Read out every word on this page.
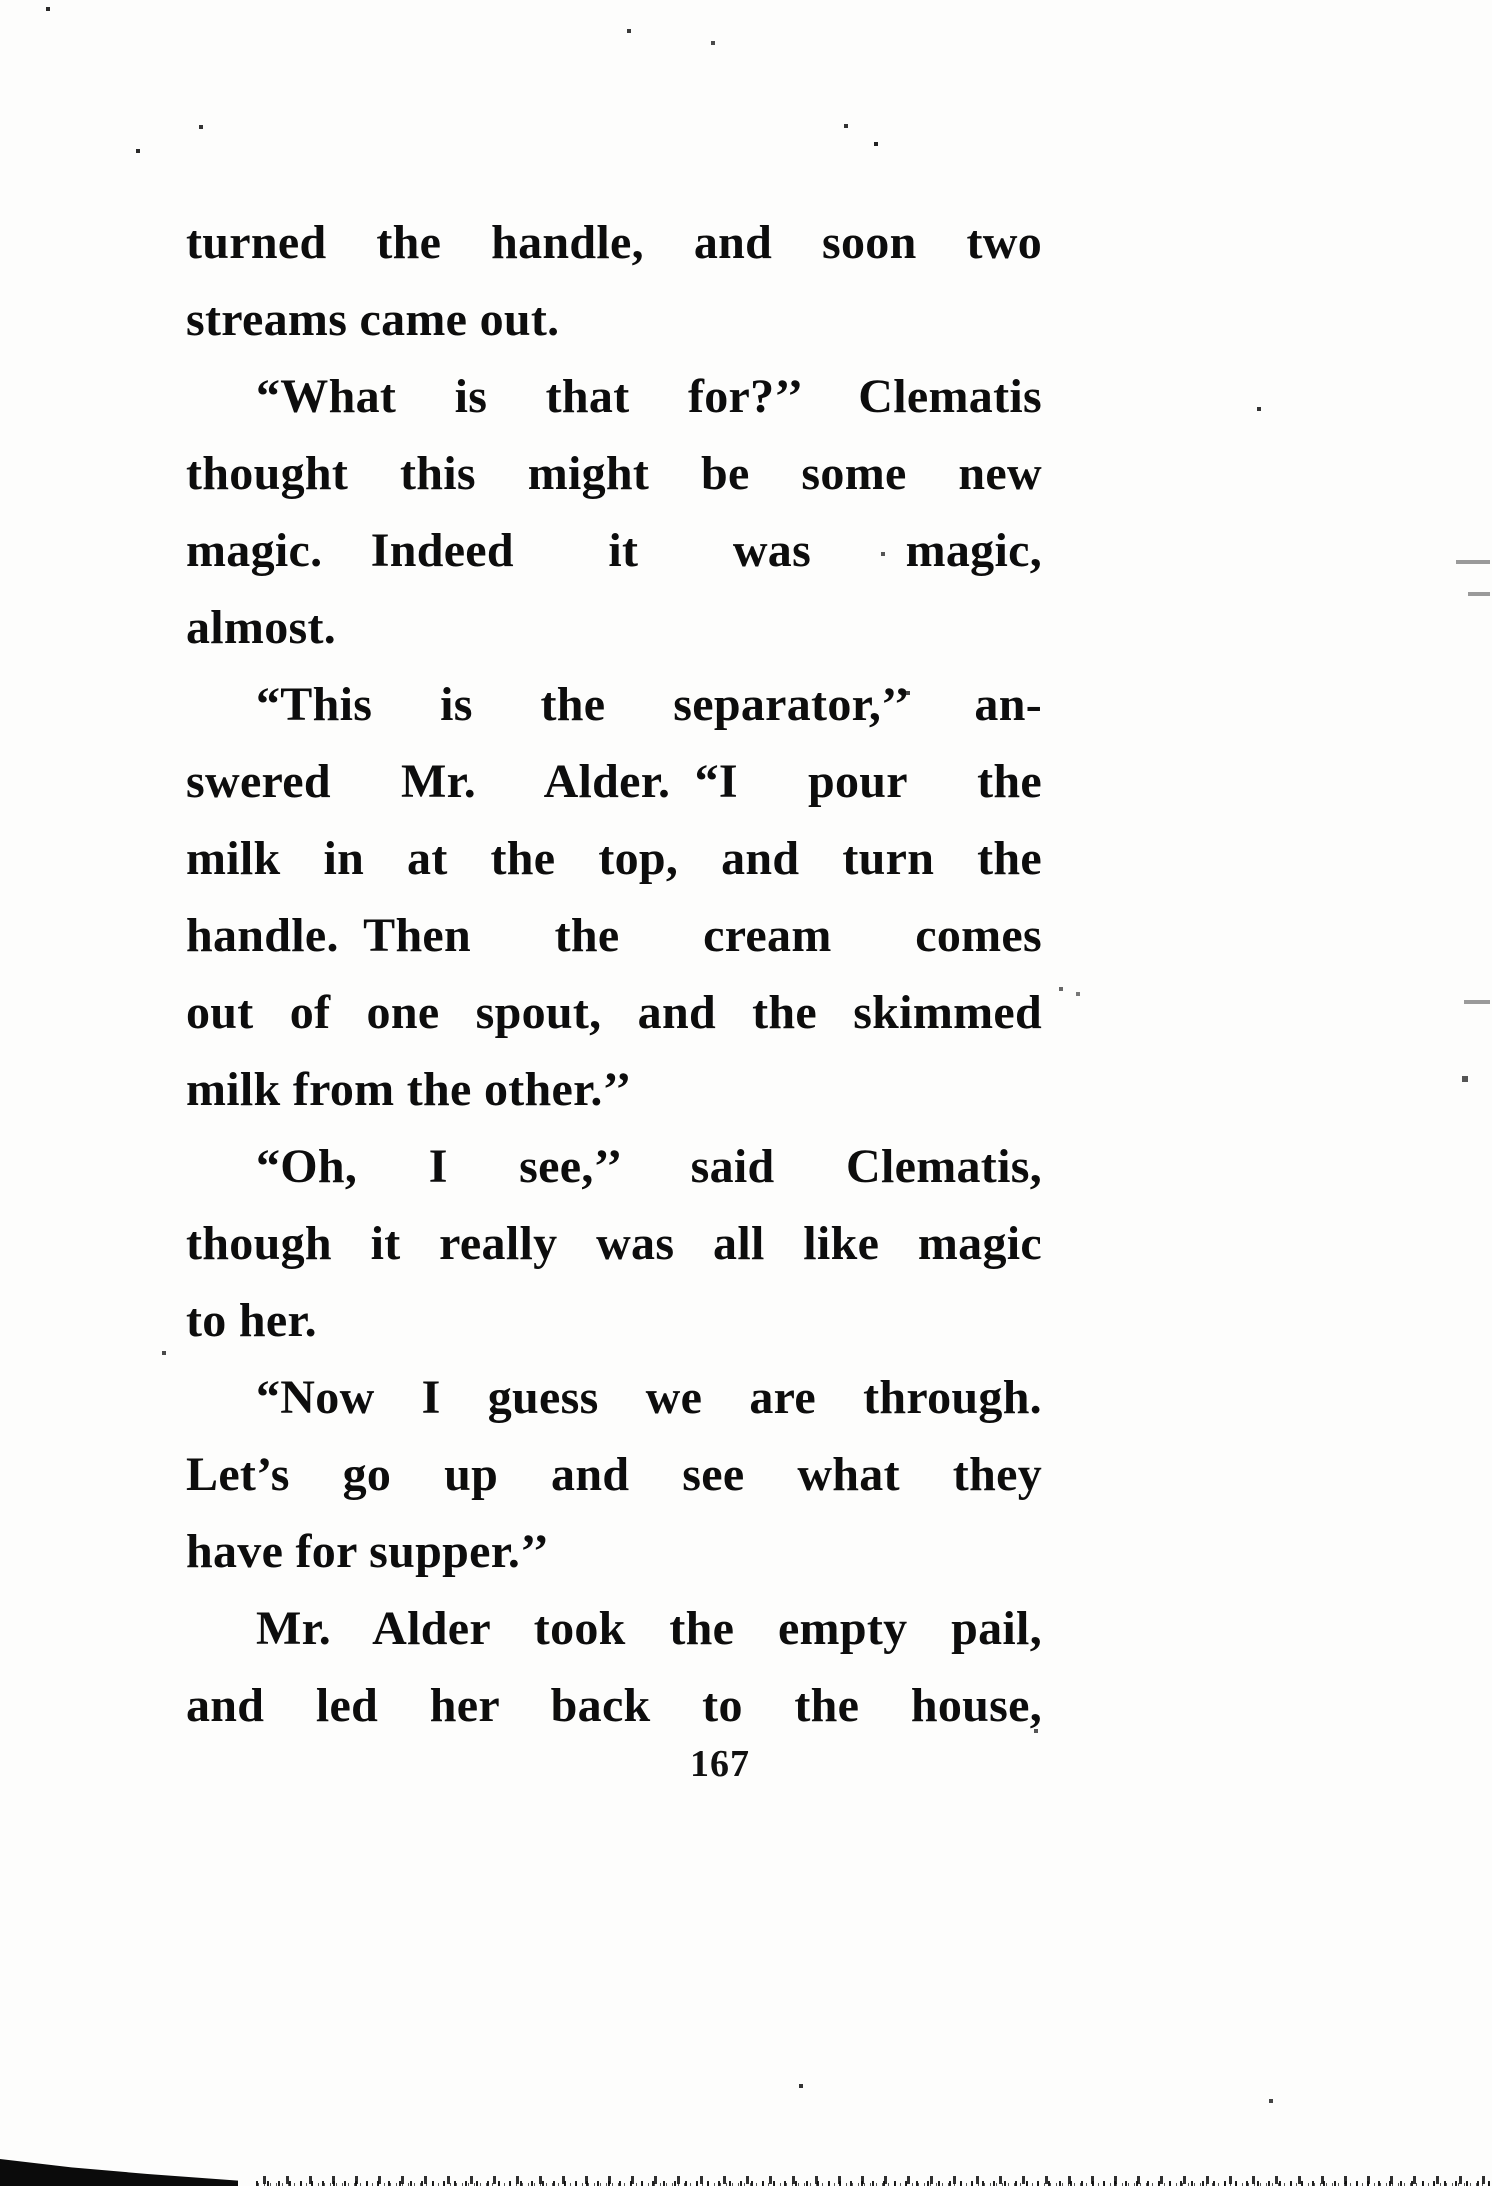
turned the handle, and soon two
streams came out.
“What is that for?’’ Clematis
thought this might be some new
magic. Indeed it was magic,
almost.
“This is the separator,’’ an-
swered Mr. Alder. “I pour the
milk in at the top, and turn the
handle. Then the cream comes
out of one spout, and the skimmed
milk from the other.’’
“Oh, I see,’’ said Clematis,
though it really was all like magic
to her.
“Now I guess we are through.
Let’s go up and see what they
have for supper.’’
Mr. Alder took the empty pail,
and led her back to the house,
167
